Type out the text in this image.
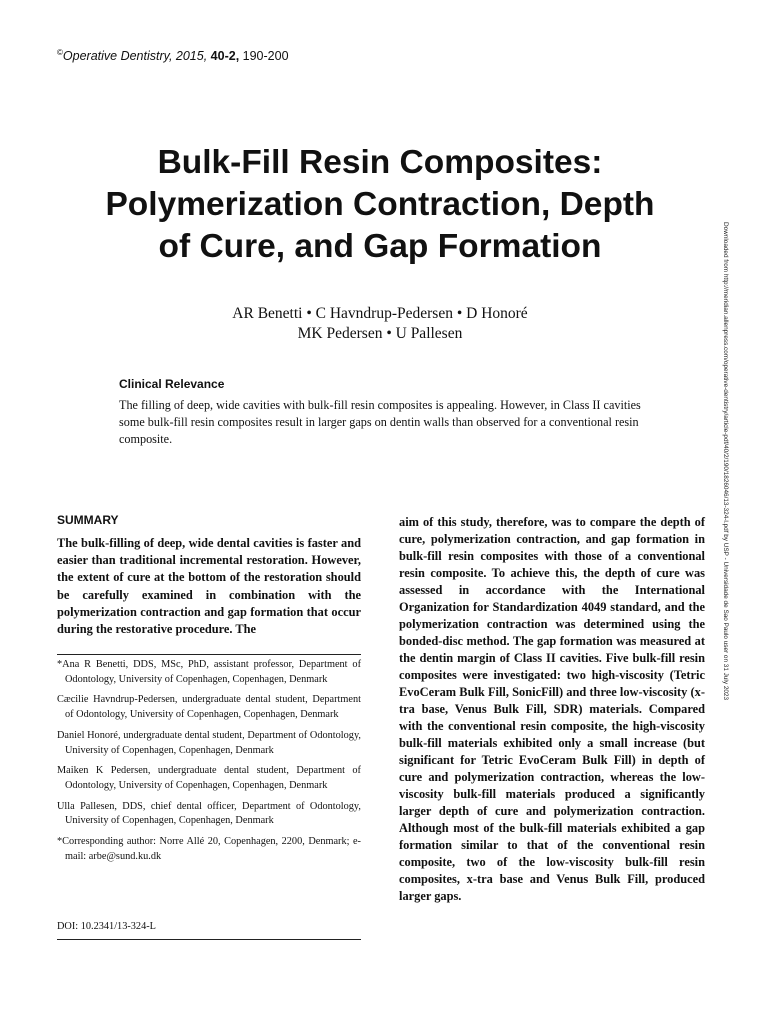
©Operative Dentistry, 2015, 40-2, 190-200
Bulk-Fill Resin Composites:
Polymerization Contraction, Depth
of Cure, and Gap Formation
AR Benetti • C Havndrup-Pedersen • D Honoré
MK Pedersen • U Pallesen
Clinical Relevance

The filling of deep, wide cavities with bulk-fill resin composites is appealing. However, in Class II cavities some bulk-fill resin composites result in larger gaps on dentin walls than observed for a conventional resin composite.

SUMMARY

The bulk-filling of deep, wide dental cavities is faster and easier than traditional incremental restoration. However, the extent of cure at the bottom of the restoration should be carefully examined in combination with the polymerization contraction and gap formation that occur during the restorative procedure. The

*Ana R Benetti, DDS, MSc, PhD, assistant professor, Department of Odontology, University of Copenhagen, Copenhagen, Denmark

Cæcilie Havndrup-Pedersen, undergraduate dental student, Department of Odontology, University of Copenhagen, Copenhagen, Denmark

Daniel Honoré, undergraduate dental student, Department of Odontology, University of Copenhagen, Copenhagen, Denmark

Maiken K Pedersen, undergraduate dental student, Department of Odontology, University of Copenhagen, Copenhagen, Denmark

Ulla Pallesen, DDS, chief dental officer, Department of Odontology, University of Copenhagen, Copenhagen, Denmark

*Corresponding author: Norre Allé 20, Copenhagen, 2200, Denmark; e-mail: arbe@sund.ku.dk

DOI: 10.2341/13-324-L

aim of this study, therefore, was to compare the depth of cure, polymerization contraction, and gap formation in bulk-fill resin composites with those of a conventional resin composite. To achieve this, the depth of cure was assessed in accordance with the International Organization for Standardization 4049 standard, and the polymerization contraction was determined using the bonded-disc method. The gap formation was measured at the dentin margin of Class II cavities. Five bulk-fill resin composites were investigated: two high-viscosity (Tetric EvoCeram Bulk Fill, SonicFill) and three low-viscosity (x-tra base, Venus Bulk Fill, SDR) materials. Compared with the conventional resin composite, the high-viscosity bulk-fill materials exhibited only a small increase (but significant for Tetric EvoCeram Bulk Fill) in depth of cure and polymerization contraction, whereas the low-viscosity bulk-fill materials produced a significantly larger depth of cure and polymerization contraction. Although most of the bulk-fill materials exhibited a gap formation similar to that of the conventional resin composite, two of the low-viscosity bulk-fill resin composites, x-tra base and Venus Bulk Fill, produced larger gaps.

Downloaded from http://meridian.allenpress.com/operative-dentistry/article-pdf/40/2/190/1826046/13-324-l.pdf by USP - Universidade de Sao Paulo user on 31 July 2023
